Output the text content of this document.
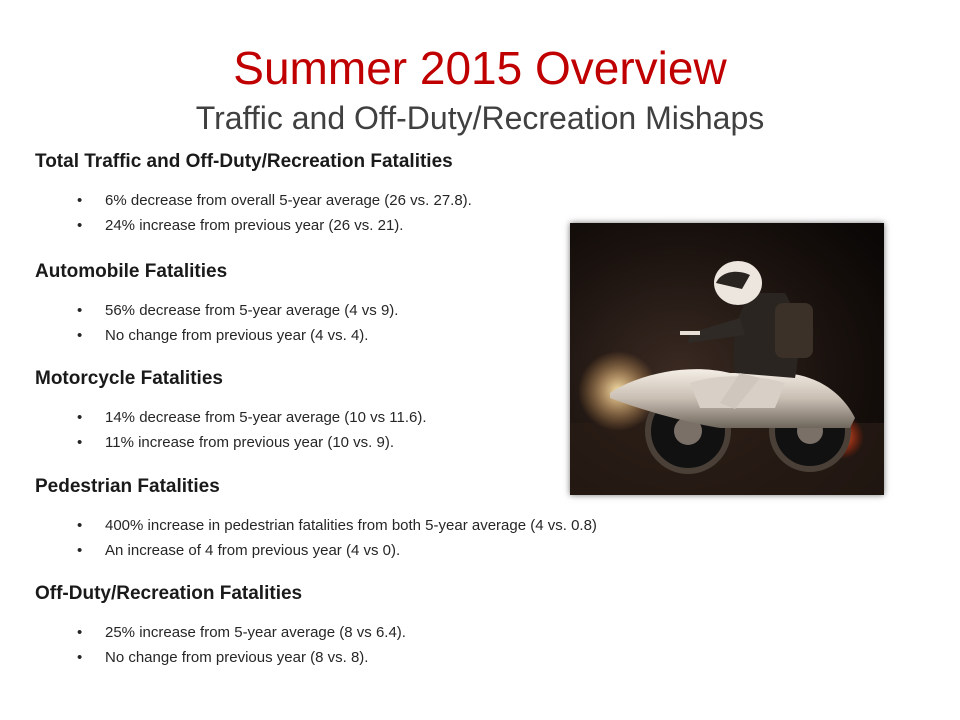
Summer 2015 Overview
Traffic and Off-Duty/Recreation Mishaps
Total Traffic and Off-Duty/Recreation Fatalities
• 6% decrease from overall 5-year average (26 vs. 27.8).
• 24% increase from previous year (26 vs. 21).
Automobile Fatalities
• 56% decrease from 5-year average (4 vs 9).
• No change from previous year (4 vs. 4).
Motorcycle Fatalities
• 14% decrease from 5-year average (10 vs 11.6).
• 11% increase from previous year (10 vs. 9).
Pedestrian Fatalities
• 400% increase in pedestrian fatalities from both 5-year average (4 vs. 0.8)
• An increase of 4 from previous year (4 vs 0).
Off-Duty/Recreation Fatalities
• 25% increase from 5-year average (8 vs 6.4).
• No change from previous year (8 vs. 8).
